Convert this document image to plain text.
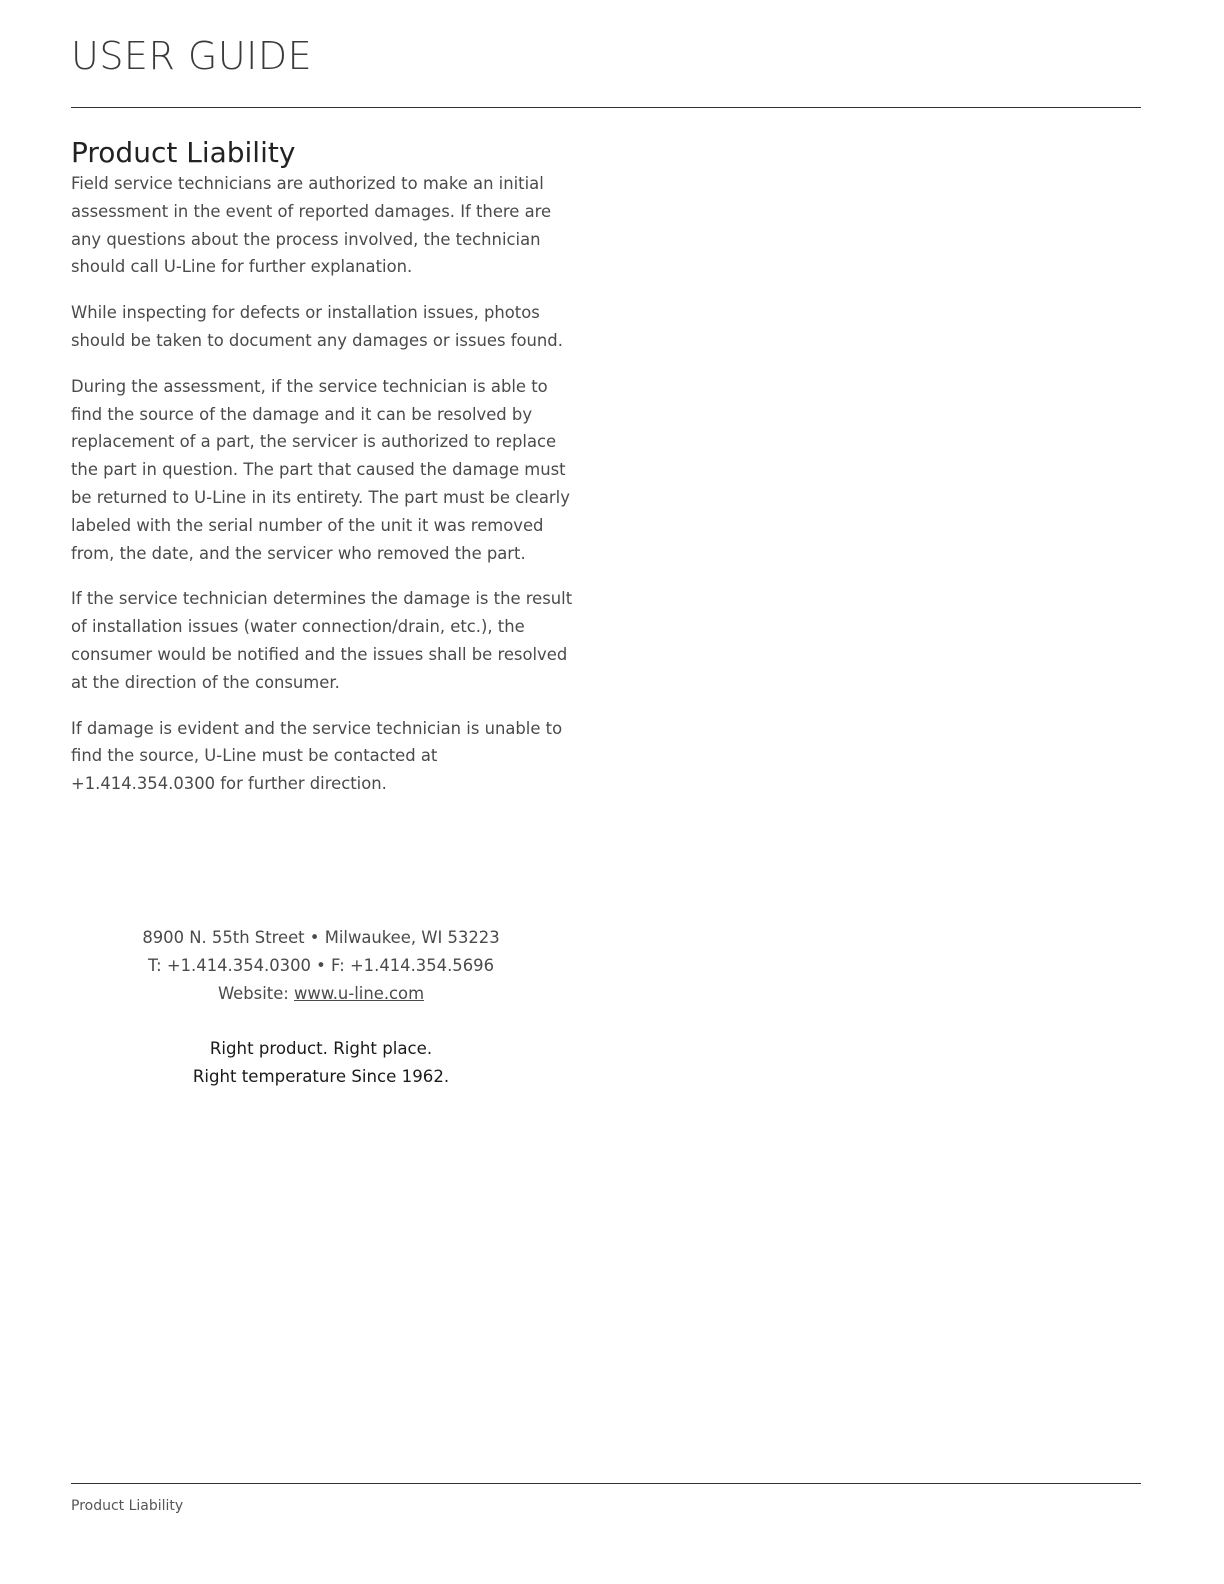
USER GUIDE
Product Liability

Field service technicians are authorized to make an initial assessment in the event of reported damages. If there are any questions about the process involved, the technician should call U-Line for further explanation.

While inspecting for defects or installation issues, photos should be taken to document any damages or issues found.

During the assessment, if the service technician is able to find the source of the damage and it can be resolved by replacement of a part, the servicer is authorized to replace the part in question. The part that caused the damage must be returned to U-Line in its entirety. The part must be clearly labeled with the serial number of the unit it was removed from, the date, and the servicer who removed the part.

If the service technician determines the damage is the result of installation issues (water connection/drain, etc.), the consumer would be notified and the issues shall be resolved at the direction of the consumer.

If damage is evident and the service technician is unable to find the source, U-Line must be contacted at +1.414.354.0300 for further direction.

8900 N. 55th Street • Milwaukee, WI 53223
T: +1.414.354.0300 • F: +1.414.354.5696
Website: www.u-line.com
Right product. Right place.
Right temperature Since 1962.
Product Liability
